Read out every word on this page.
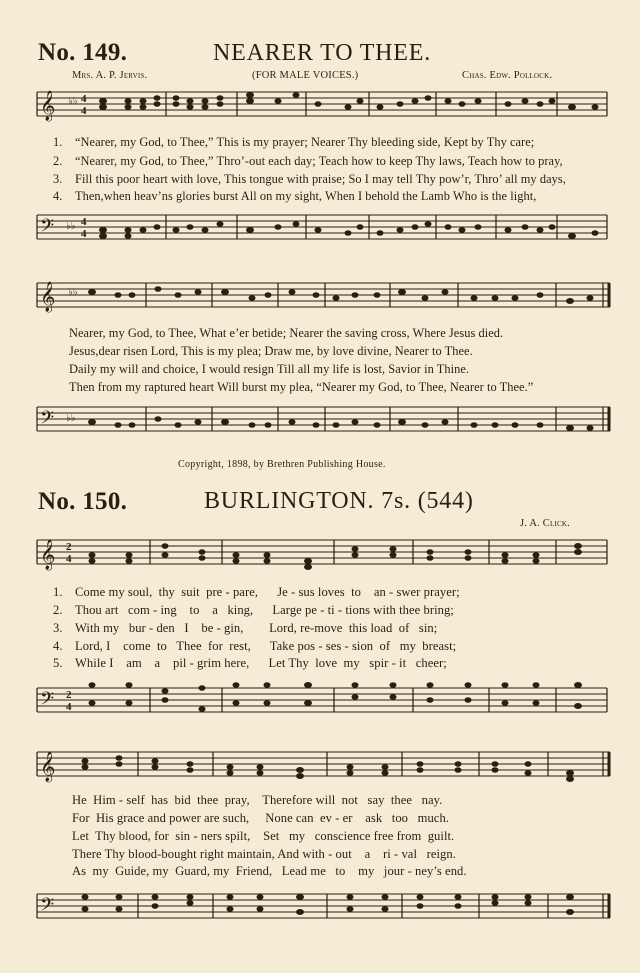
No. 149.	NEARER TO THEE.
Mrs. A. P. Jervis.	(FOR MALE VOICES.)	Chas. Edw. Pollock.
𝄞 ♭♭ 4
4
1. “Nearer, my God, to Thee,” This is my prayer; Nearer Thy bleeding side, Kept by Thy care;
2. “Nearer, my God, to Thee,” Thro’-out each day; Teach how to keep Thy laws, Teach how to pray,
3. Fill this poor heart with love, This tongue with praise; So I may tell Thy pow’r, Thro’ all my days,
4. Then,when heav’ns glories burst All on my sight, When I behold the Lamb Who is the light,
𝄢 ♭♭ 4
4
𝄞 ♭♭
Nearer, my God, to Thee, What e’er betide; Nearer the saving cross, Where Jesus died.
Jesus,dear risen Lord, This is my plea; Draw me, by love divine, Nearer to Thee.
Daily my will and choice, I would resign Till all my life is lost, Savior in Thine.
Then from my raptured heart Will burst my plea, “Nearer my God, to Thee, Nearer to Thee.”
𝄢 ♭♭
Copyright, 1898, by Brethren Publishing House.
No. 150.	BURLINGTON. 7s. (544)
J. A. Click.
𝄞 2
4
1. Come my soul,  thy  suit  pre - pare,      Je - sus loves  to    an - swer prayer;
2. Thou art   com - ing    to    a   king,      Large pe - ti - tions with thee bring;
3. With my   bur - den   I    be - gin,        Lord, re-move  this load  of   sin;
4. Lord, I    come  to   Thee  for  rest,      Take pos - ses - sion  of   my  breast;
5. While I    am    a    pil - grim here,      Let Thy  love  my   spir - it   cheer;
𝄢 2
4
𝄞
He  Him - self  has  bid  thee  pray,    Therefore will  not   say  thee   nay.
For  His grace and power are such,     None can  ev - er    ask   too   much.
Let  Thy blood, for  sin - ners spilt,    Set   my   conscience free from  guilt.
There Thy blood-bought right maintain, And with - out    a    ri - val   reign.
As  my  Guide, my  Guard, my  Friend,   Lead me   to    my   jour - ney’s end.
𝄢
